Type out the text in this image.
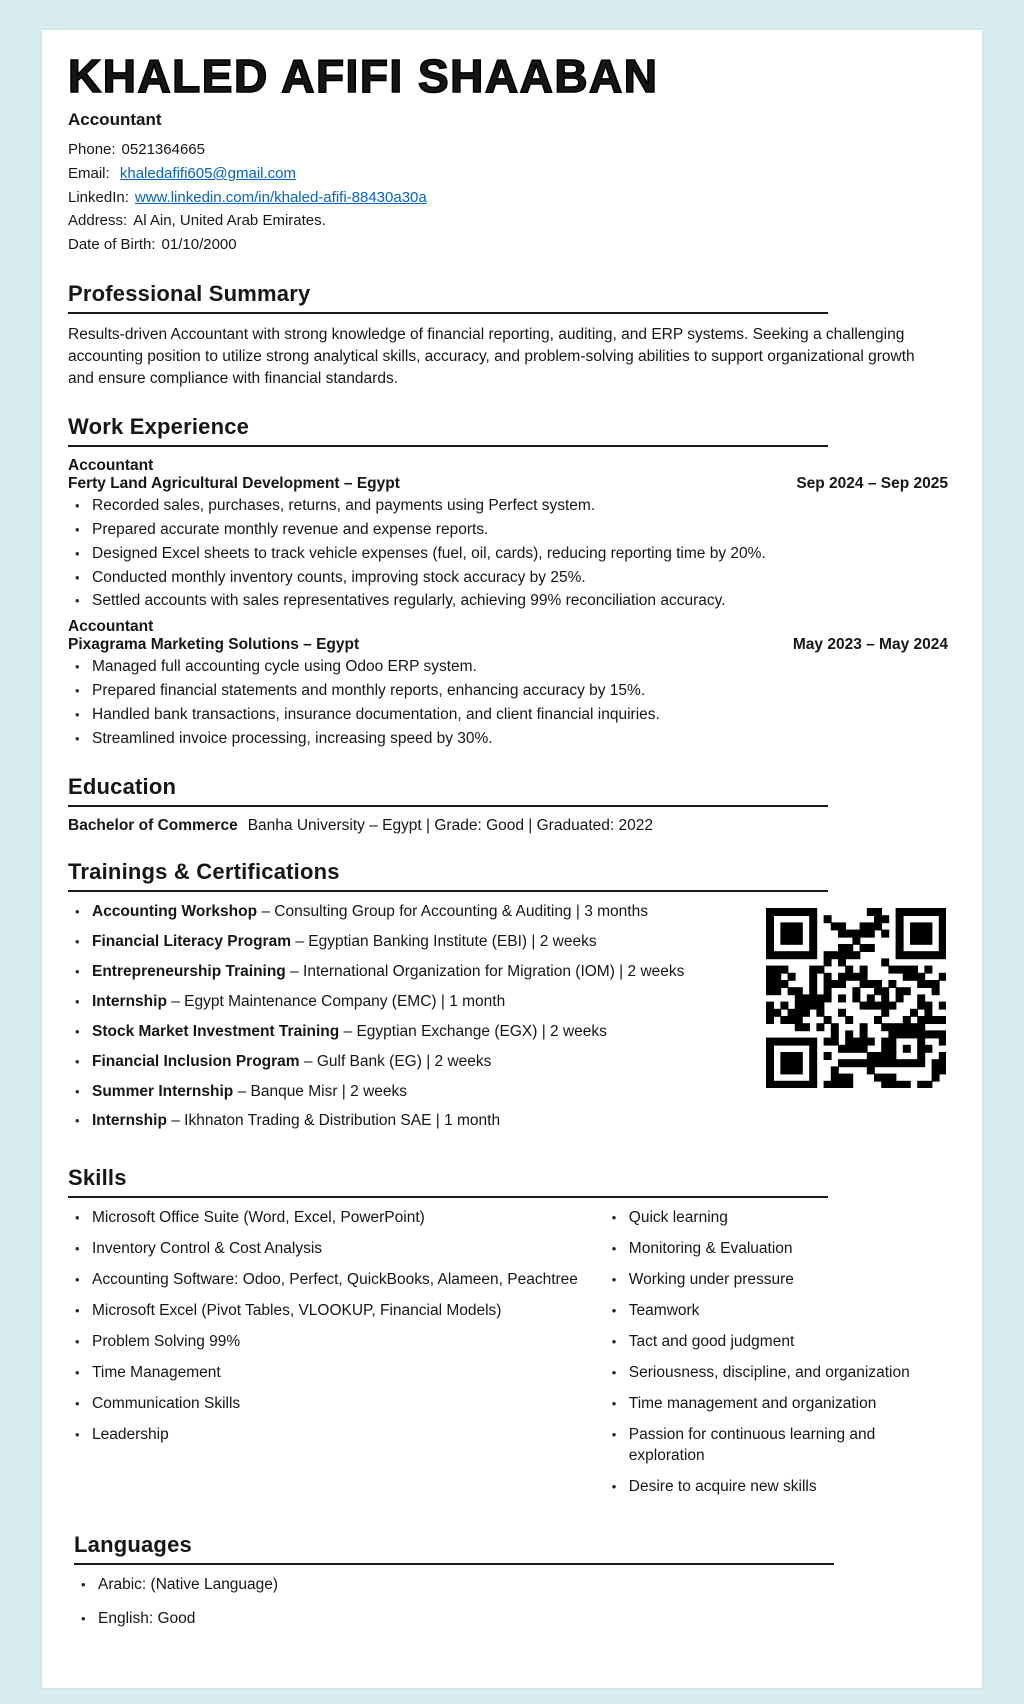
KHALED AFIFI SHAABAN
Accountant
Phone: 0521364665
Email: khaledafifi605@gmail.com
LinkedIn: www.linkedin.com/in/khaled-afifi-88430a30a
Address: Al Ain, United Arab Emirates.
Date of Birth: 01/10/2000
Professional Summary

Results-driven Accountant with strong knowledge of financial reporting, auditing, and ERP systems. Seeking a challenging accounting position to utilize strong analytical skills, accuracy, and problem-solving abilities to support organizational growth and ensure compliance with financial standards.

Work Experience
Accountant
Ferty Land Agricultural Development – Egypt	Sep 2024 – Sep 2025
• Recorded sales, purchases, returns, and payments using Perfect system.
• Prepared accurate monthly revenue and expense reports.
• Designed Excel sheets to track vehicle expenses (fuel, oil, cards), reducing reporting time by 20%.
• Conducted monthly inventory counts, improving stock accuracy by 25%.
• Settled accounts with sales representatives regularly, achieving 99% reconciliation accuracy.
Accountant
Pixagrama Marketing Solutions – Egypt	May 2023 – May 2024
• Managed full accounting cycle using Odoo ERP system.
• Prepared financial statements and monthly reports, enhancing accuracy by 15%.
• Handled bank transactions, insurance documentation, and client financial inquiries.
• Streamlined invoice processing, increasing speed by 30%.
Education

Bachelor of Commerce Banha University – Egypt | Grade: Good | Graduated: 2022

Trainings & Certifications
• Accounting Workshop – Consulting Group for Accounting & Auditing | 3 months
• Financial Literacy Program – Egyptian Banking Institute (EBI) | 2 weeks
• Entrepreneurship Training – International Organization for Migration (IOM) | 2 weeks
• Internship – Egypt Maintenance Company (EMC) | 1 month
• Stock Market Investment Training – Egyptian Exchange (EGX) | 2 weeks
• Financial Inclusion Program – Gulf Bank (EG) | 2 weeks
• Summer Internship – Banque Misr | 2 weeks
• Internship – Ikhnaton Trading & Distribution SAE | 1 month
Skills
• Microsoft Office Suite (Word, Excel, PowerPoint)
• Inventory Control & Cost Analysis
• Accounting Software: Odoo, Perfect, QuickBooks, Alameen, Peachtree
• Microsoft Excel (Pivot Tables, VLOOKUP, Financial Models)
• Problem Solving 99%
• Time Management
• Communication Skills
• Leadership
• Quick learning
• Monitoring & Evaluation
• Working under pressure
• Teamwork
• Tact and good judgment
• Seriousness, discipline, and organization
• Time management and organization
• Passion for continuous learning and exploration
• Desire to acquire new skills
Languages
• Arabic: (Native Language)
• English: Good
